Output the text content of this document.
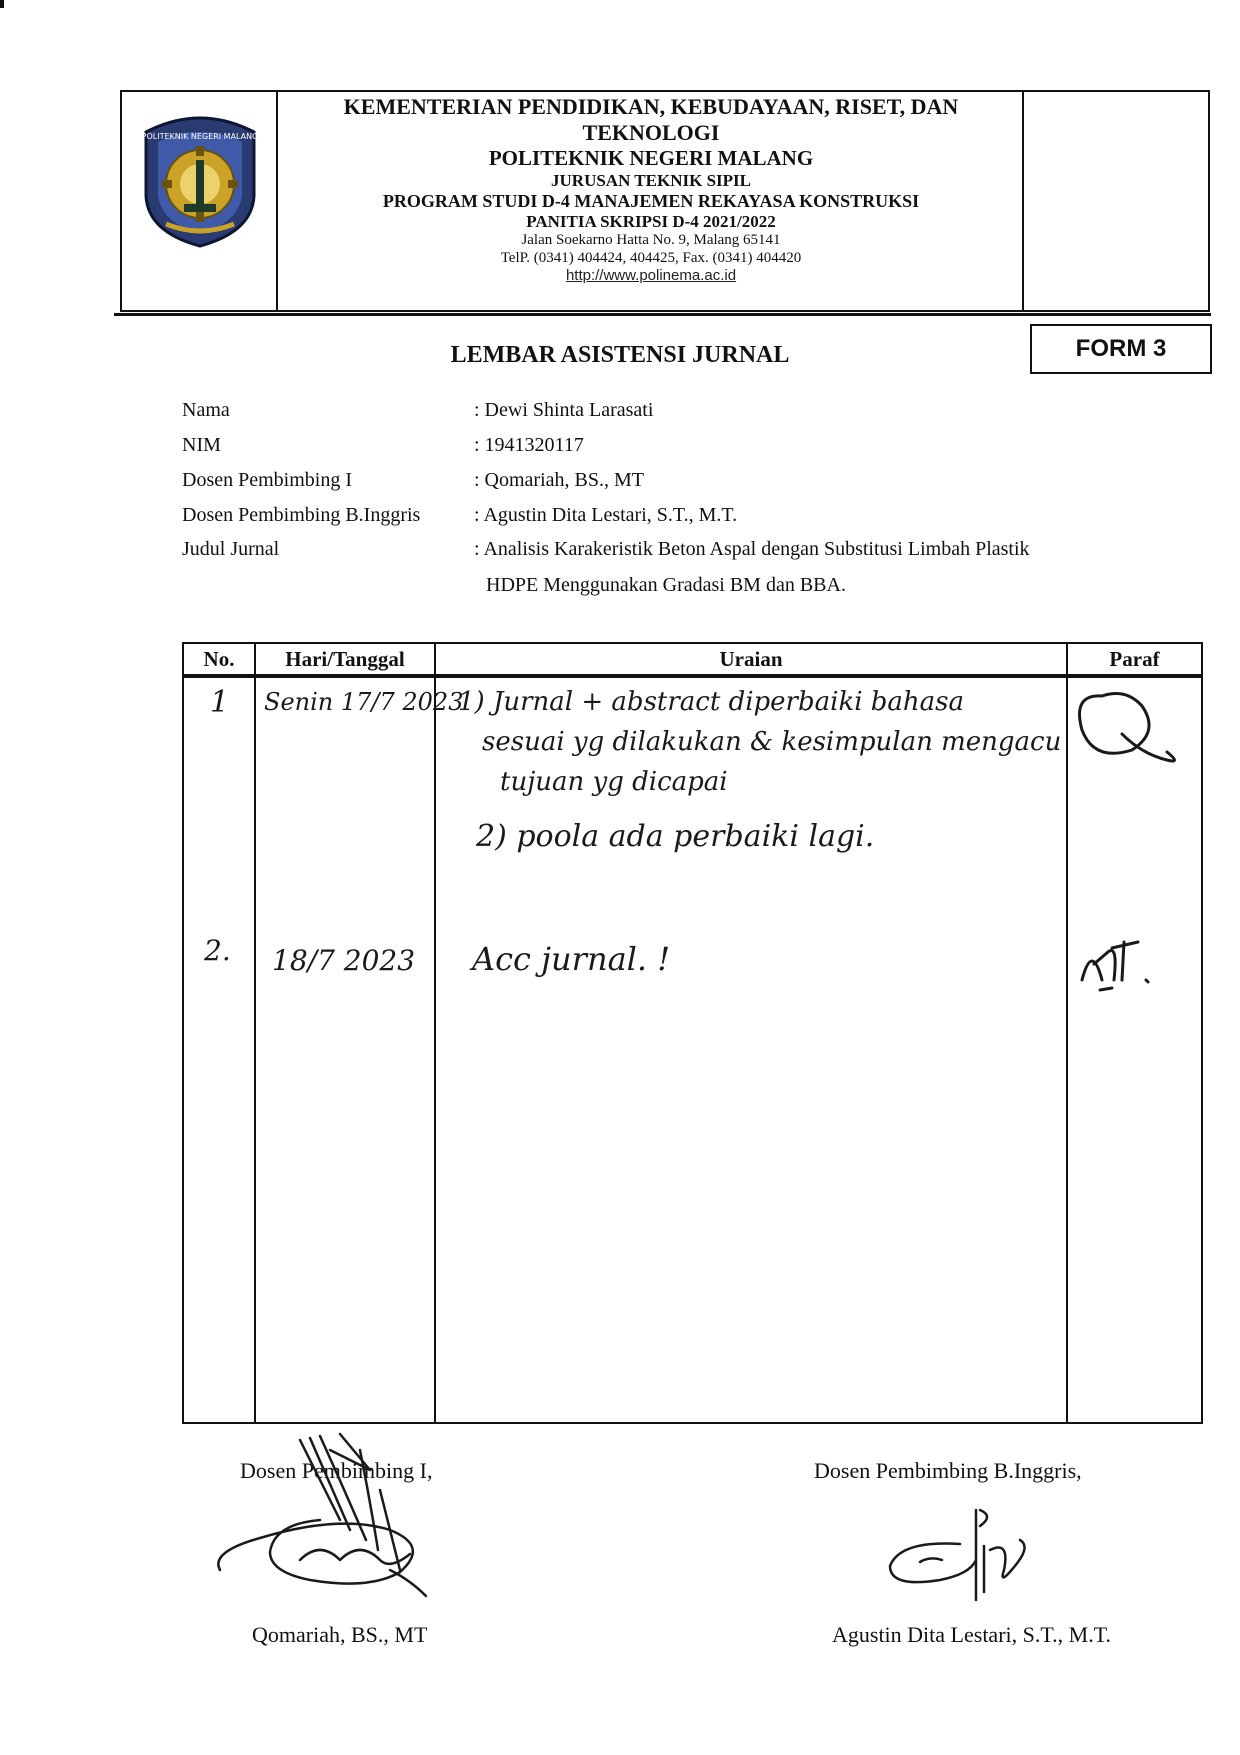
POLITEKNIK NEGERI MALANG
KEMENTERIAN PENDIDIKAN, KEBUDAYAAN, RISET, DAN
TEKNOLOGI
POLITEKNIK NEGERI MALANG
JURUSAN TEKNIK SIPIL
PROGRAM STUDI D-4 MANAJEMEN REKAYASA KONSTRUKSI
PANITIA SKRIPSI D-4 2021/2022
Jalan Soekarno Hatta No. 9, Malang 65141
TelP. (0341) 404424, 404425, Fax. (0341) 404420
http://www.polinema.ac.id
LEMBAR ASISTENSI JURNAL	FORM 3
Nama	: Dewi Shinta Larasati
NIM	: 1941320117
Dosen Pembimbing I	: Qomariah, BS., MT
Dosen Pembimbing B.Inggris	: Agustin Dita Lestari, S.T., M.T.
Judul Jurnal	: Analisis Karakeristik Beton Aspal dengan Substitusi Limbah Plastik
HDPE Menggunakan Gradasi BM dan BBA.
No.	Hari/Tanggal	Uraian	Paraf

1 Senin 17/7 2023
1) Jurnal + abstract diperbaiki bahasa
sesuai yg dilakukan & kesimpulan mengacu
tujuan yg dicapai
2) poola ada perbaiki lagi.
2. 18/7 2023 Acc jurnal. !
Dosen Pembimbing I,	Dosen Pembimbing B.Inggris,
Qomariah, BS., MT	Agustin Dita Lestari, S.T., M.T.
